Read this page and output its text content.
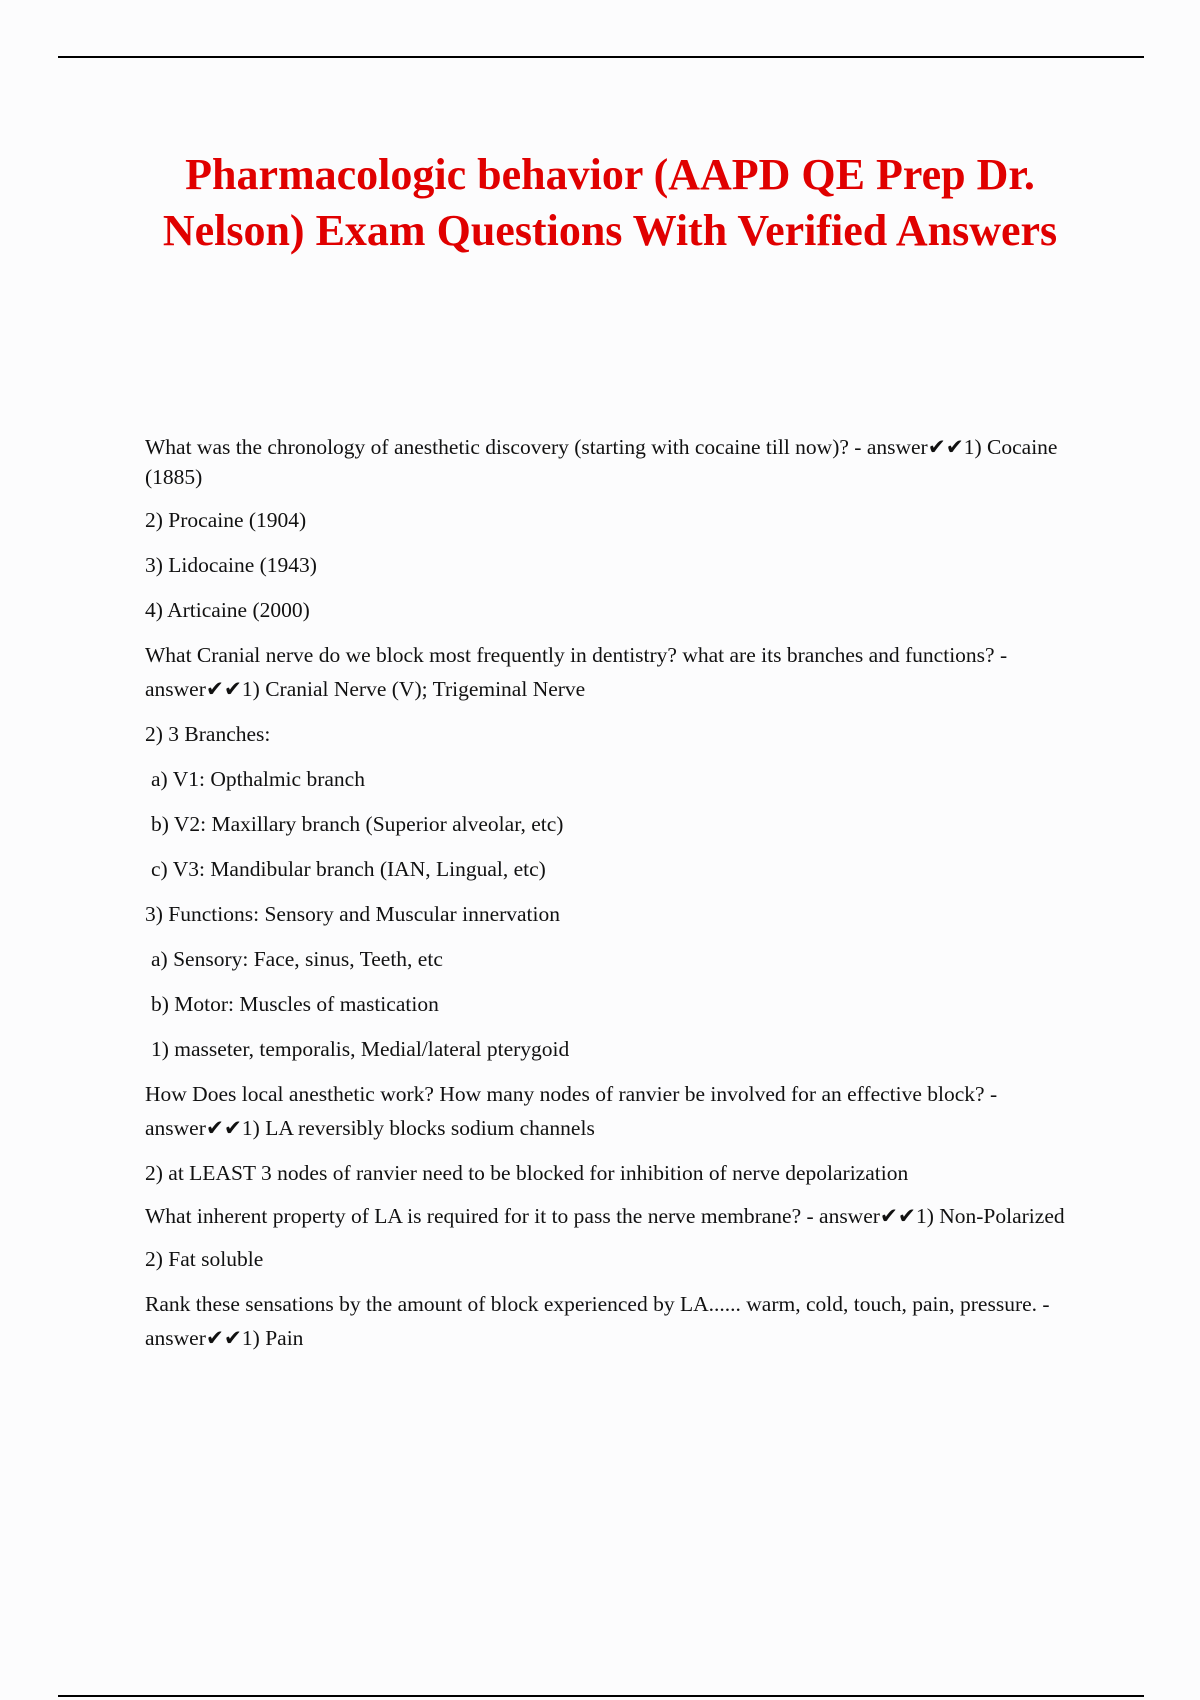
Pharmacologic behavior (AAPD QE Prep Dr. Nelson) Exam Questions With Verified Answers

What was the chronology of anesthetic discovery (starting with cocaine till now)? - answer✔✔1) Cocaine (1885)

2) Procaine (1904)

3) Lidocaine (1943)

4) Articaine (2000)

What Cranial nerve do we block most frequently in dentistry? what are its branches and functions? - answer✔✔1) Cranial Nerve (V); Trigeminal Nerve

2) 3 Branches:

a) V1: Opthalmic branch

b) V2: Maxillary branch (Superior alveolar, etc)

c) V3: Mandibular branch (IAN, Lingual, etc)

3) Functions: Sensory and Muscular innervation

a) Sensory: Face, sinus, Teeth, etc

b) Motor: Muscles of mastication

1) masseter, temporalis, Medial/lateral pterygoid

How Does local anesthetic work? How many nodes of ranvier be involved for an effective block? - answer✔✔1) LA reversibly blocks sodium channels

2) at LEAST 3 nodes of ranvier need to be blocked for inhibition of nerve depolarization

What inherent property of LA is required for it to pass the nerve membrane? - answer✔✔1) Non-Polarized

2) Fat soluble

Rank these sensations by the amount of block experienced by LA...... warm, cold, touch, pain, pressure. - answer✔✔1) Pain
